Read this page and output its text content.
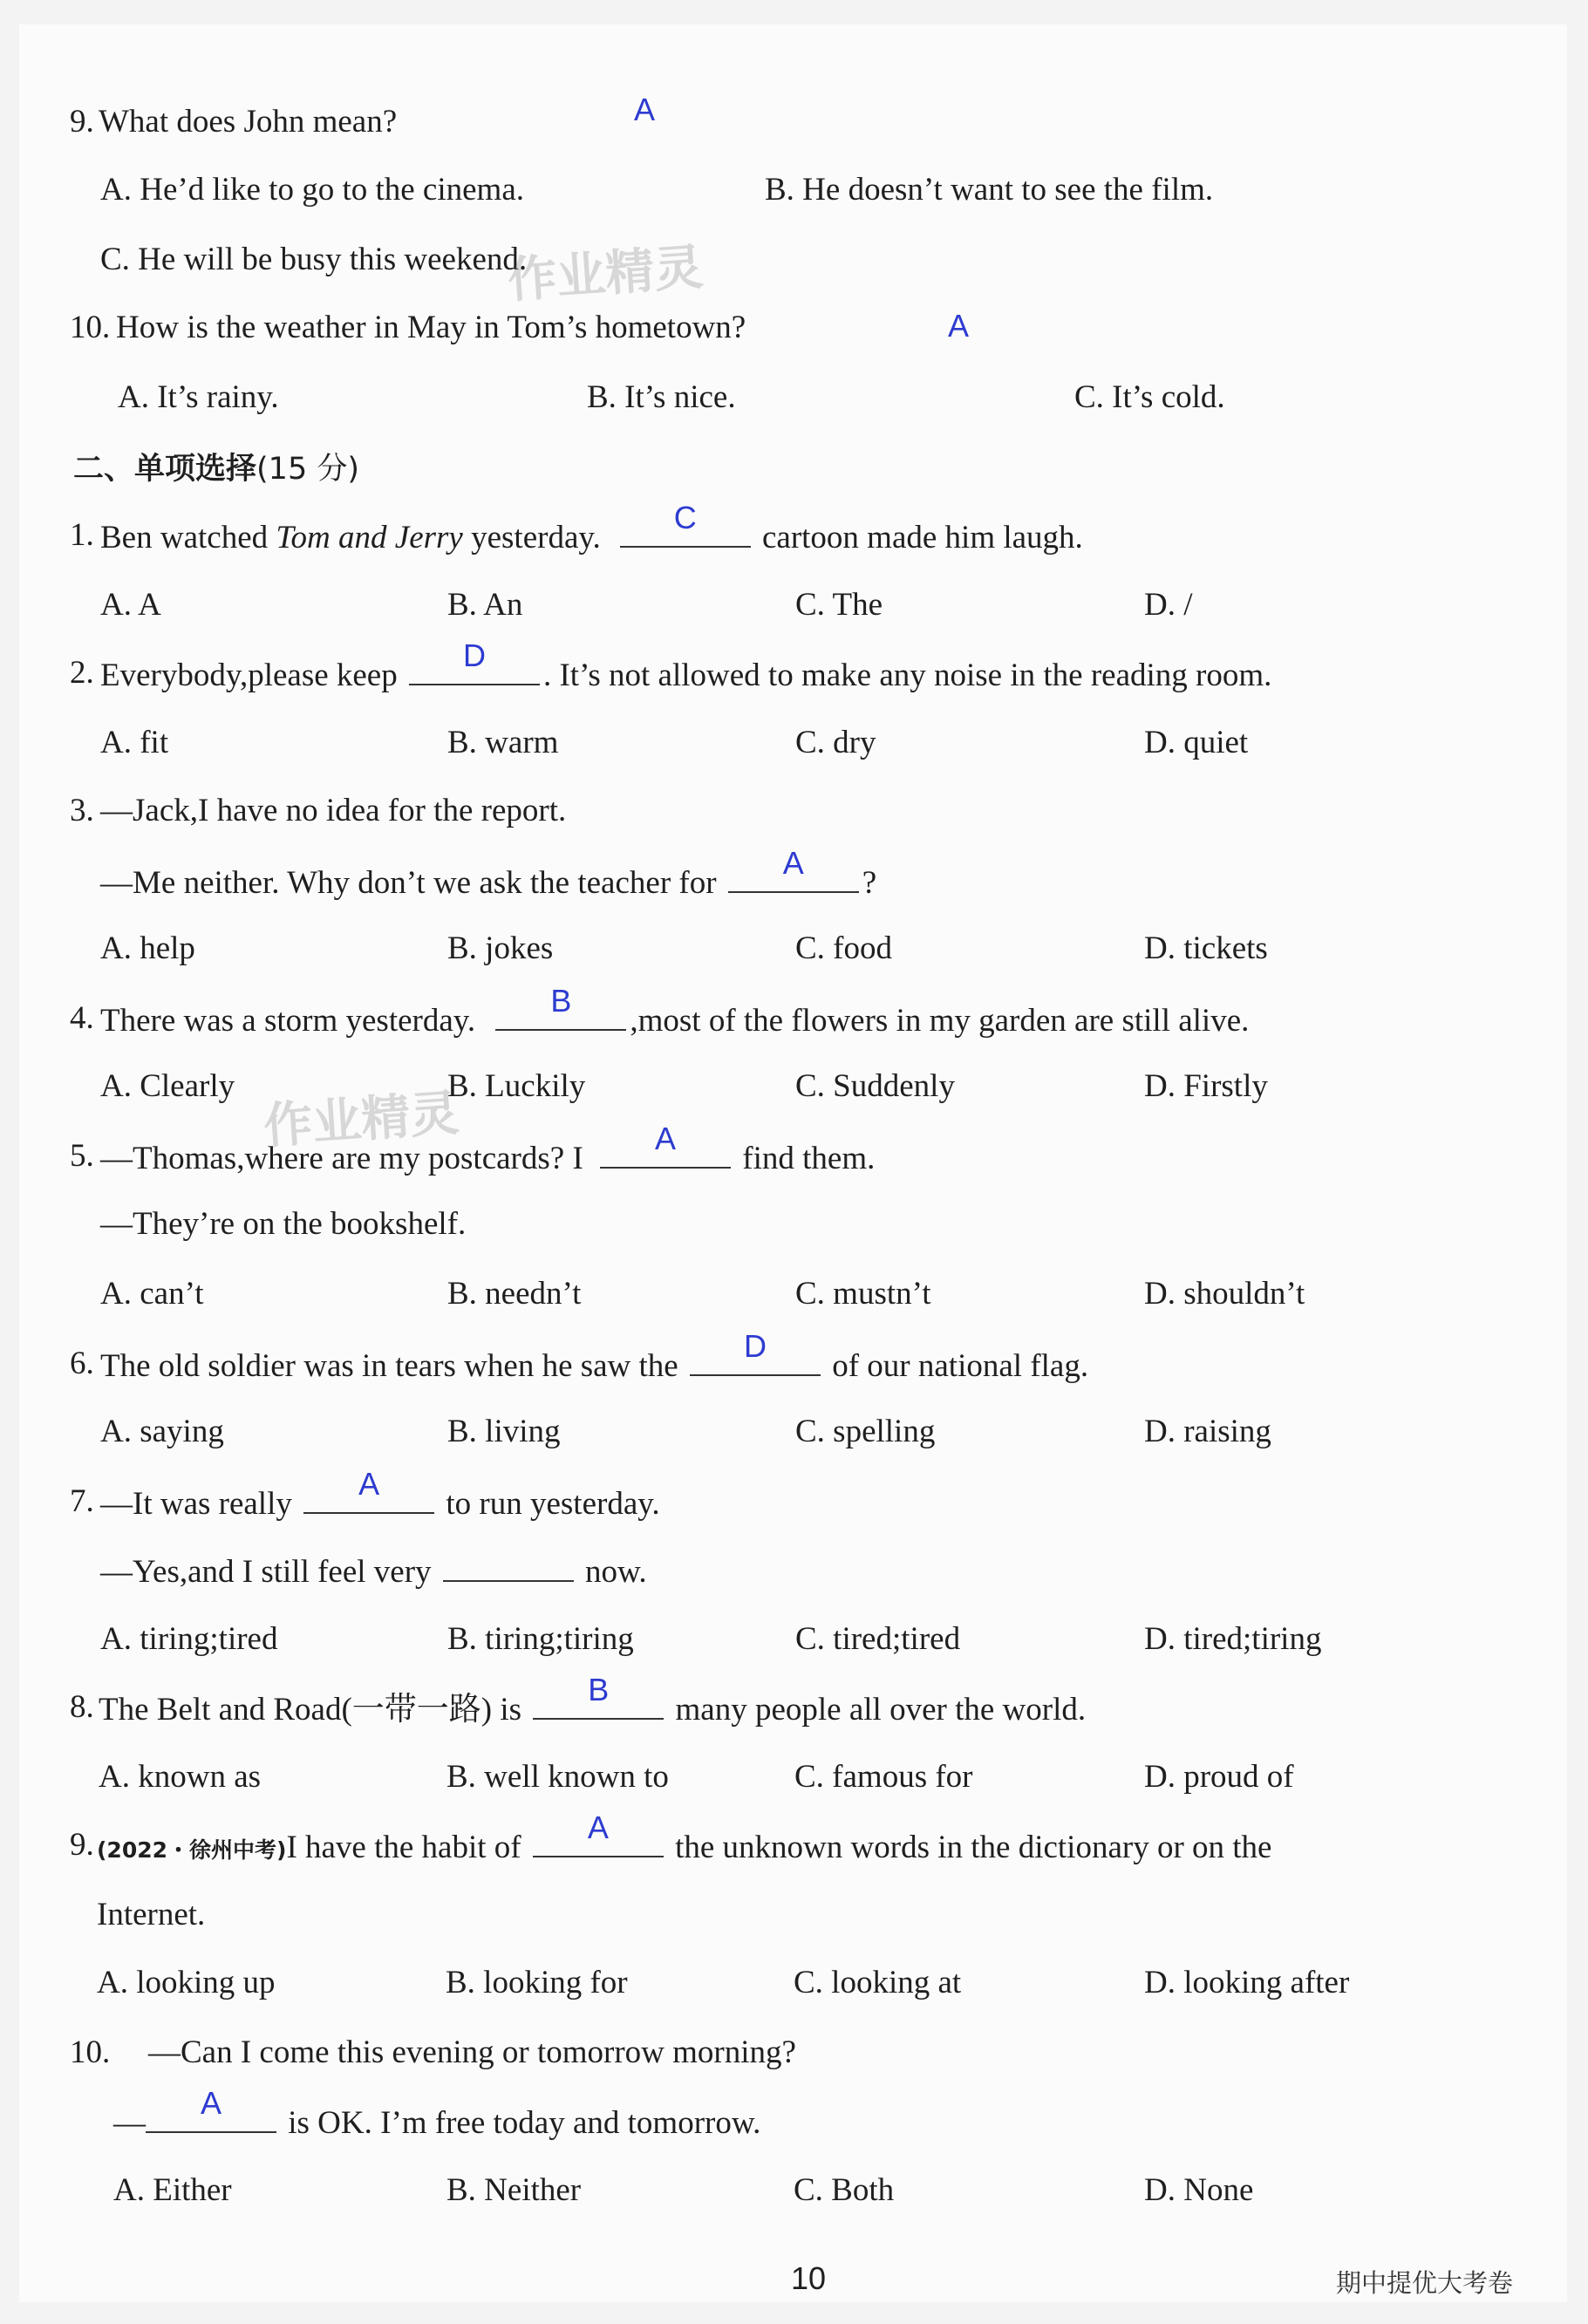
9. What does John mean?	A
A. He’d like to go to the cinema.	B. He doesn’t want to see the film.
C. He will be busy this weekend.
10. How is the weather in May in Tom’s hometown?	A
A. It’s rainy.	B. It’s nice.	C. It’s cold.
二、单项选择(15 分)
1. Ben watched Tom and Jerry yesterday.
C
cartoon made him laugh.
A. A	B. An	C. The	D. /
2. Everybody,please keep
D
. It’s not allowed to make any noise in the reading room.
A. fit	B. warm	C. dry	D. quiet
3. —Jack,I have no idea for the report.
—Me neither. Why don’t we ask the teacher for
A
?
A. help	B. jokes	C. food	D. tickets
4. There was a storm yesterday.
B
,most of the flowers in my garden are still alive.
A. Clearly	B. Luckily	C. Suddenly	D. Firstly
5. —Thomas,where are my postcards? I
A
find them.
—They’re on the bookshelf.
A. can’t	B. needn’t	C. mustn’t	D. shouldn’t
6. The old soldier was in tears when he saw the
D
of our national flag.
A. saying	B. living	C. spelling	D. raising
7. —It was really
A
to run yesterday.
—Yes,and I still feel very	now.
A. tiring;tired	B. tiring;tiring	C. tired;tired	D. tired;tiring
8. The Belt and Road(一带一路) is
B
many people all over the world.
A. known as	B. well known to	C. famous for	D. proud of
9. (2022・徐州中考)I have the habit of
A
the unknown words in the dictionary or on the
Internet.
A. looking up	B. looking for	C. looking at	D. looking after
10. —Can I come this evening or tomorrow morning?
—
A
is OK. I’m free today and tomorrow.
A. Either	B. Neither	C. Both	D. None
作业精灵
作业精灵
10	期中提优大考卷
